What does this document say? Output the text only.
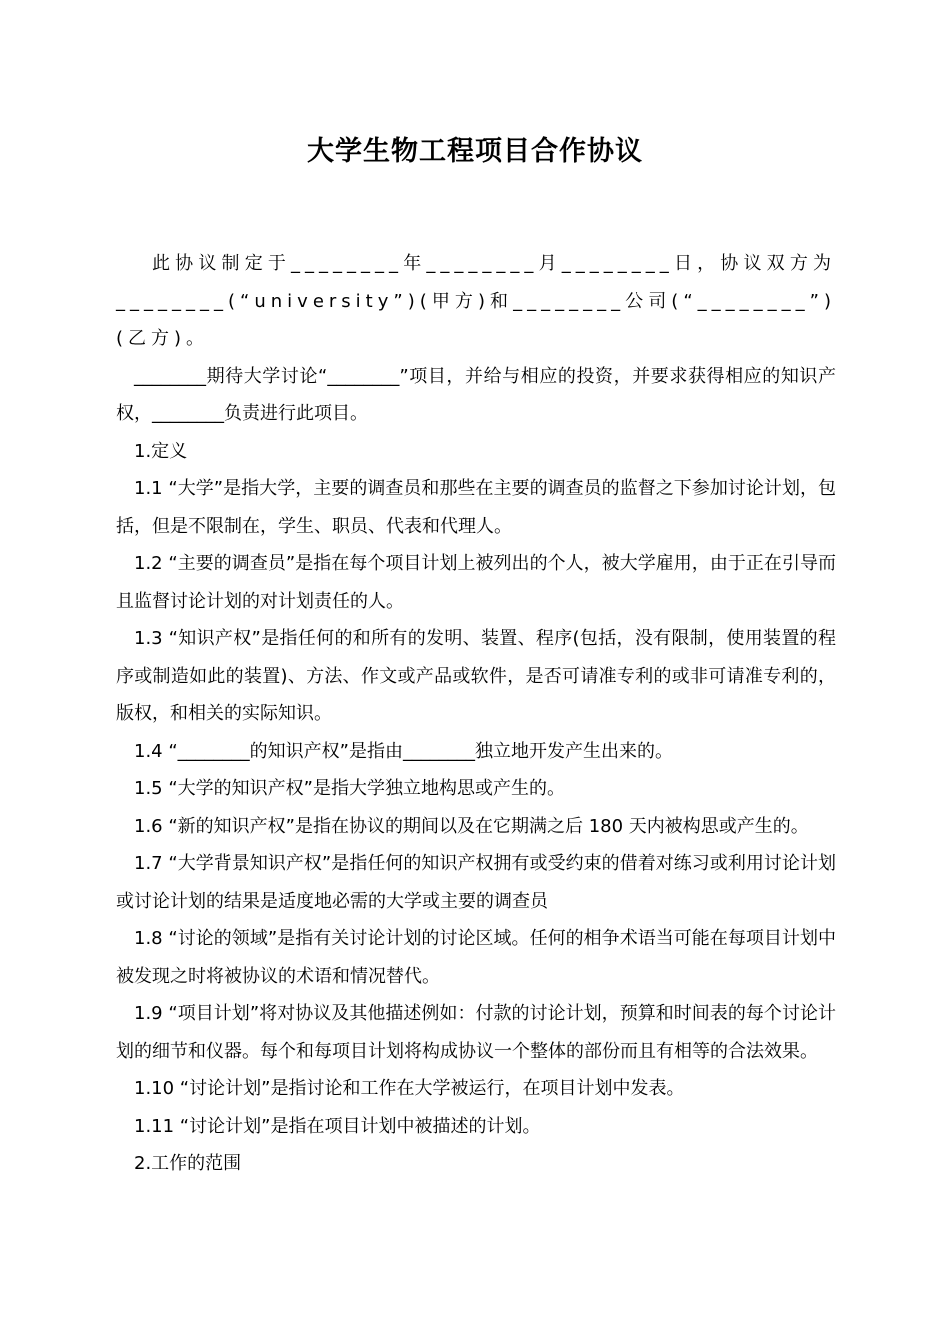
大学生物工程项目合作协议

此协议制定于________年________月________日，协议双方为________(“university”)(甲方)和________公司(“________”)(乙方)。

________期待大学讨论“________”项目，并给与相应的投资，并要求获得相应的知识产权，________负责进行此项目。

1.定义

1.1 “大学”是指大学，主要的调查员和那些在主要的调查员的监督之下参加讨论计划，包括，但是不限制在，学生、职员、代表和代理人。

1.2 “主要的调查员”是指在每个项目计划上被列出的个人，被大学雇用，由于正在引导而且监督讨论计划的对计划责任的人。

1.3 “知识产权”是指任何的和所有的发明、装置、程序(包括，没有限制，使用装置的程序或制造如此的装置)、方法、作文或产品或软件，是否可请准专利的或非可请准专利的，版权，和相关的实际知识。

1.4 “________的知识产权”是指由________独立地开发产生出来的。

1.5 “大学的知识产权”是指大学独立地构思或产生的。

1.6 “新的知识产权”是指在协议的期间以及在它期满之后 180 天内被构思或产生的。

1.7 “大学背景知识产权”是指任何的知识产权拥有或受约束的借着对练习或利用讨论计划或讨论计划的结果是适度地必需的大学或主要的调查员

1.8 “讨论的领域”是指有关讨论计划的讨论区域。任何的相争术语当可能在每项目计划中被发现之时将被协议的术语和情况替代。

1.9 “项目计划”将对协议及其他描述例如：付款的讨论计划，预算和时间表的每个讨论计划的细节和仪器。每个和每项目计划将构成协议一个整体的部份而且有相等的合法效果。

1.10 “讨论计划”是指讨论和工作在大学被运行，在项目计划中发表。

1.11 “讨论计划”是指在项目计划中被描述的计划。

2.工作的范围
